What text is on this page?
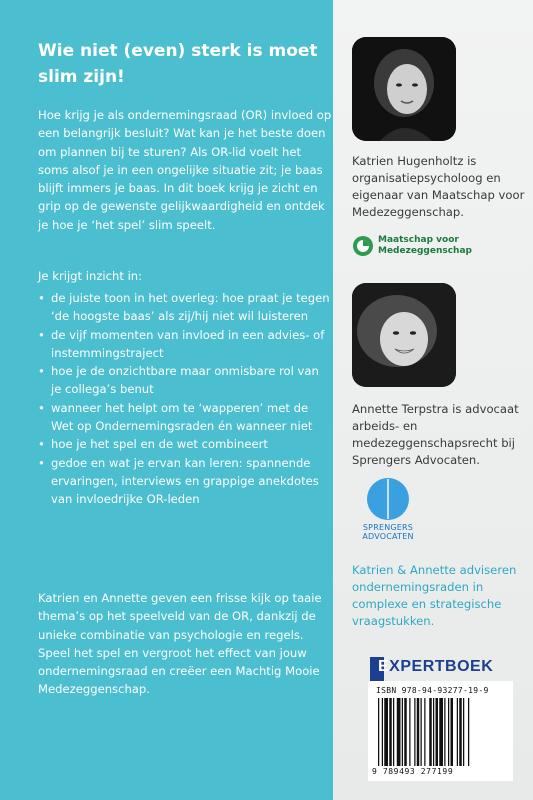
Wie niet (even) sterk is moet slim zijn!
Hoe krijg je als ondernemingsraad (OR) invloed op een belangrijk besluit? Wat kan je het beste doen om plannen bij te sturen? Als OR-lid voelt het soms alsof je in een ongelijke situatie zit; je baas blijft immers je baas. In dit boek krijg je zicht en grip op de gewenste gelijkwaardigheid en ontdek je hoe je ‘het spel’ slim speelt.
Je krijgt inzicht in:
• de juiste toon in het overleg: hoe praat je tegen ‘de hoogste baas’ als zij/hij niet wil luisteren
• de vijf momenten van invloed in een advies- of instemmingstraject
• hoe je de onzichtbare maar onmisbare rol van je collega’s benut
• wanneer het helpt om te ‘wapperen’ met de Wet op Ondernemingsraden én wanneer niet
• hoe je het spel en de wet combineert
• gedoe en wat je ervan kan leren: spannende ervaringen, interviews en grappige anekdotes van invloedrijke OR-leden
Katrien en Annette geven een frisse kijk op taaie thema’s op het speelveld van de OR, dankzij de unieke combinatie van psychologie en regels. Speel het spel en vergroot het effect van jouw ondernemingsraad en creëer een Machtig Mooie Medezeggenschap.
Katrien Hugenholtz is organisatiepsycholoog en eigenaar van Maatschap voor Medezeggenschap.
Maatschap voor
Medezeggenschap
Annette Terpstra is advocaat arbeids- en medezeggenschapsrecht bij Sprengers Advocaten.
SPRENGERS
ADVOCATEN
Katrien & Annette adviseren ondernemingsraden in complexe en strategische vraagstukken.
EXPERTBOEK
ISBN 978-94-93277-19-9
9 789493 277199
